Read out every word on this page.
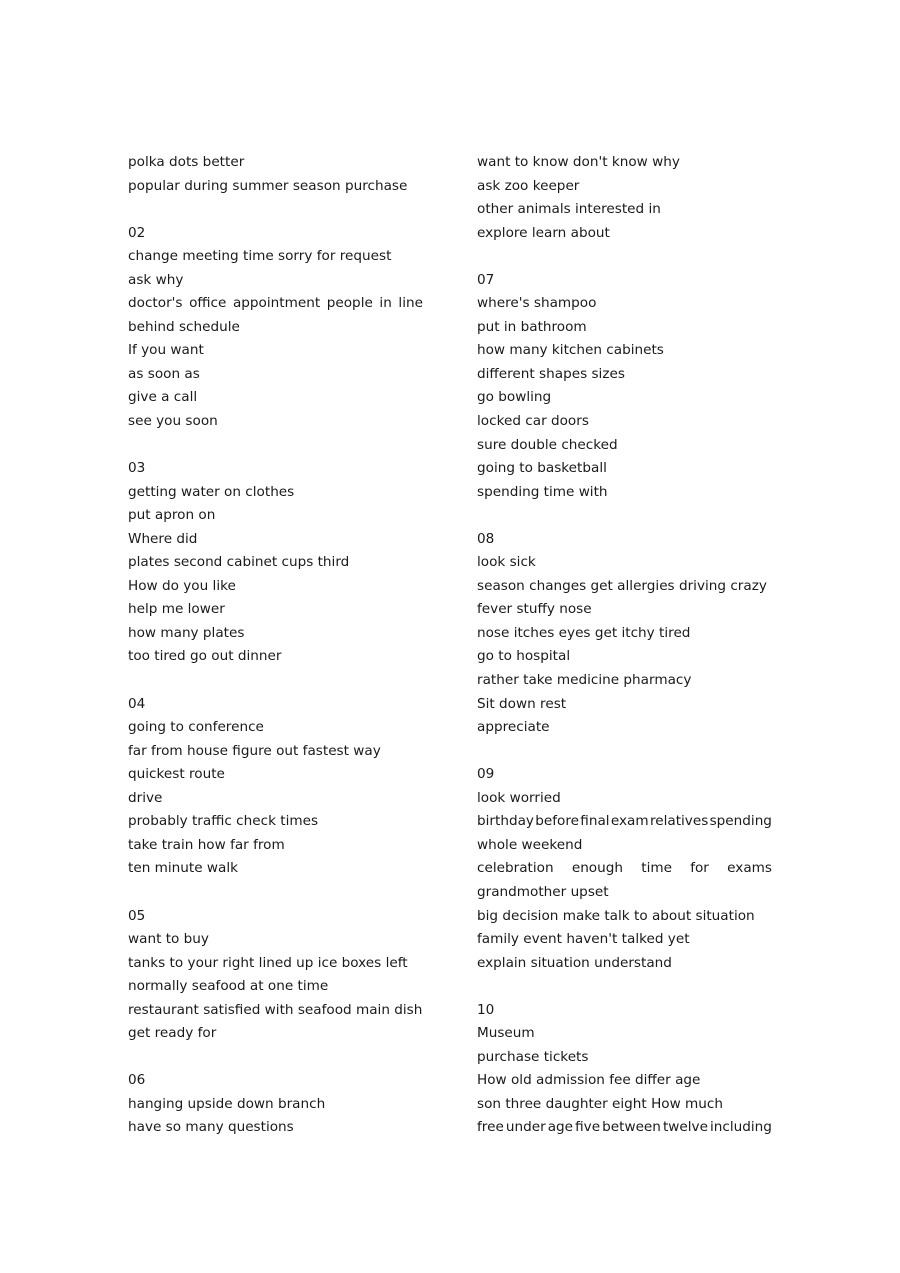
polka dots better
popular during summer season purchase
02
change meeting time sorry for request
ask why
doctor's office appointment people in line
behind schedule
If you want
as soon as
give a call
see you soon
03
getting water on clothes
put apron on
Where did
plates second cabinet cups third
How do you like
help me lower
how many plates
too tired go out dinner
04
going to conference
far from house figure out fastest way
quickest route
drive
probably traffic check times
take train how far from
ten minute walk
05
want to buy
tanks to your right lined up ice boxes left
normally seafood at one time
restaurant satisfied with seafood main dish
get ready for
06
hanging upside down branch
have so many questions
want to know don't know why
ask zoo keeper
other animals interested in
explore learn about
07
where's shampoo
put in bathroom
how many kitchen cabinets
different shapes sizes
go bowling
locked car doors
sure double checked
going to basketball
spending time with
08
look sick
season changes get allergies driving crazy
fever stuffy nose
nose itches eyes get itchy tired
go to hospital
rather take medicine pharmacy
Sit down rest
appreciate
09
look worried
birthday before final exam relatives spending
whole weekend
celebration enough time for exams
grandmother upset
big decision make talk to about situation
family event haven't talked yet
explain situation understand
10
Museum
purchase tickets
How old admission fee differ age
son three daughter eight How much
free under age five between twelve including
